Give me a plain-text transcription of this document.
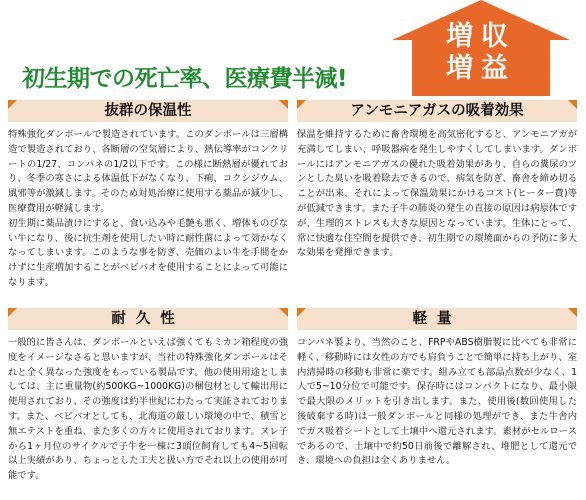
初生期での死亡率、医療費半減!
増収
増益
抜群の保温性

特殊強化ダンボールで製造されています。このダンボールは三層構造で製造されており、各断層の空気層により、熱伝導率がコンクリートの1/27、コンパネの1/2以下です。この様に断熱層が優れており、冬季の寒さによる体温低下がなくなり、下痢、コクシジウム、風邪等が激減します。そのため対処治療に使用する薬品が減少し、医療費用が軽減します。

初生期に薬品漬けにすると、食い込みや毛艶も悪く、増体ものびない牛になり、後に抗生剤を使用したい時に耐性菌によって効かなくなってしまいます。このような事を防ぎ、売価のよい牛を手間をかけずに生産増加することがベビバオを使用することによって可能になります。

アンモニアガスの吸着効果

保温を維持するために畜舎環境を高気密化すると、アンモニアガが充満してしまい、呼吸器病を発生しやすくしてしまいます。ダンボールにはアンモニアガスの優れた吸着効果があり、自らの糞尿のツンとした臭いを吸着除去できるので、病気を防ぎ、畜舎を締め切ることが出来、それによって保温効果にかけるコスト(ヒーター費)等が低減できます。また子牛の肺炎の発生の直接の原因は病原体ですが、生理的ストレスも大きな原因となっています。生体にとって、常に快適な住空間を提供でき、初生期での環境面からの予防に多大な効果を発揮できます。

耐久性

一般的に皆さんは、ダンボールといえば強くてもミカン箱程度の強度をイメージなさると思いますが、当社の特殊強化ダンボールはそれと全く異なった強度をもっている製品です。他の使用用途としましては、主に重量物(約500KG~1000KG)の梱包材として輸出用に使用されており、その強度は約半世紀にわたって実証されております。また、ベビバオとしても、北海道の厳しい環境の中で、積雪と無エテストを重ね、また多くの方々に使用されております。ヌレ子から1ヶ月位のサイクルで子牛を一棟に3頭位飼育しても4~5回転以上実績があり、ちょっとした工夫と扱い方でそれ以上の使用が可能です。

軽量

コンパネ製より、当然のこと、FRPやABS樹脂製に比べても非常に軽く、移動時には女性の方でも肩負うことで簡単に持ち上がり、室内清掃時の移動も非常に楽です。組み立ても部品点数が少なく、1人で5~10分位で可能です。保存時にはコンパクトになり、最小限で最大限のメリットを引き出します。また、使用後(数回使用した後破棄する時)は一般ダンボールと同様の処理ができ、また牛舎内でガス吸着シートとして土壌中へ還元されます。素材がセルロースであるので、土壌中で約50日前後で離解され、堆肥として還元でき、環境への負担は全くありません。
